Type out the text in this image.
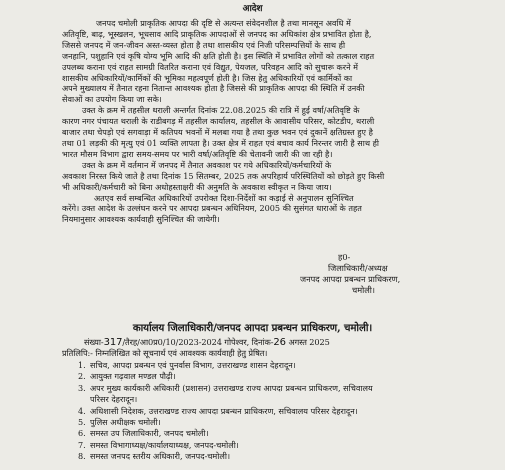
आदेश
जनपद चमोली प्राकृतिक आपदा की दृष्टि से अत्यन्त संवेदनशील है तथा मानसून अवधि में
अतिवृष्टि, बाढ़, भूस्खलन, भूधसाव आदि प्राकृतिक आपदाओं से जनपद का अधिकांश क्षेत्र प्रभावित होता है,
जिससे जनपद में जन-जीवन अस्त-व्यस्त होता है तथा शासकीय एवं निजी परिसम्पत्तियों के साथ ही
जनहानि, पशुहानि एवं कृषि योग्य भूमि आदि की क्षति होती है। इस स्थिति में प्रभावित लोगों को तत्काल राहत
उपलब्ध कराना एवं राहत सामग्री वितरित कराना एवं विद्युत, पेयजल, परिवहन आदि को सुचारू करने में
शासकीय अधिकारियों/कार्मिकों की भूमिका महत्वपूर्ण होती है। जिस हेतु अधिकारियों एवं कार्मिकों का
अपने मुख्यालय में तैनात रहना नितान्त आवश्यक होता है जिससे की प्राकृतिक आपदा की स्थिति में उनकी
सेवाओं का उपयोग किया जा सके।
उक्त के क्रम में तहसील थराली अन्तर्गत दिनांक 22.08.2025 की रात्रि में हुई वर्षा/अतिवृष्टि के
कारण नगर पंचायत थराली के राडीबगड़ में तहसील कार्यालय, तहसील के आवासीय परिसर, कोटडीप, थराली
बाजार तथा चेपड़ो एवं सगवाड़ा में कतिपय भवनों में मलबा गया है तथा कुछ भवन एवं दुकानें क्षतिग्रस्त हुए है
तथा 01 लड़की की मृत्यु एवं 01 व्यक्ति लापता है। उक्त क्षेत्र में राहत एवं बचाव कार्य निरन्तर जारी है साथ ही
भारत मौसम विभाग द्वारा समय-समय पर भारी वर्षा/अतिवृष्टि की चेतावनी जारी की जा रही है।
उक्त के क्रम में वर्तमान में जनपद में तैनात अवकाश पर गये अधिकारियों/कर्मचारियों के
अवकाश निरस्त किये जाते है तथा दिनांक 15 सितम्बर, 2025 तक अपरिहार्य परिस्थितियों को छोड़ते हुए किसी
भी अधिकारी/कर्मचारी को बिना अधोहस्ताक्षरी की अनुमति के अवकाश स्वीकृत न किया जाय।
अतएव सर्व सम्बन्धित अधिकारियों उपरोक्त दिशा-निर्देशों का कड़ाई से अनुपालन सुनिश्चित
करेंगे। उक्त आदेश के उल्लंघन करने पर आपदा प्रबन्धन अधिनियम, 2005 की सुसंगत धाराओं के तहत
नियमानुसार आवश्यक कार्यवाही सुनिश्चित की जायेगी।
ह0-
जिलाधिकारी/अध्यक्ष
जनपद आपदा प्रबन्धन प्राधिकरण,
चमोली।
कार्यालय जिलाधिकारी/जनपद आपदा प्रबन्धन प्राधिकरण, चमोली।
संख्या-317/तैरह/आ0प्र0/10/2023-2024 गोपेश्वर, दिनांक-26 अगस्त 2025
प्रतिलिपि:- निम्नलिखित को सूचनार्थ एवं आवश्यक कार्यवाही हेतु प्रेषित।
1. सचिव, आपदा प्रबन्धन एवं पुनर्वास विभाग, उत्तराखण्ड शासन देहरादून।
2. आयुक्त गढ़वाल मण्डल पौढ़ी।
3. अपर मुख्य कार्यकारी अधिकारी (प्रशासन) उत्तराखण्ड राज्य आपदा प्रबन्धन प्राधिकरण, सचिवालय
परिसर देहरादून।
4. अधिशासी निदेशक, उत्तराखण्ड राज्य आपदा प्रबन्धन प्राधिकरण, सचिवालय परिसर देहरादून।
5. पुलिस अधीक्षक चमोली।
6. समस्त उप जिलाधिकारी, जनपद चमोली।
7. समस्त विभागाध्यक्ष/कार्यालयाध्यक्ष, जनपद-चमोली।
8. समस्त जनपद स्तरीय अधिकारी, जनपद-चमोली।
